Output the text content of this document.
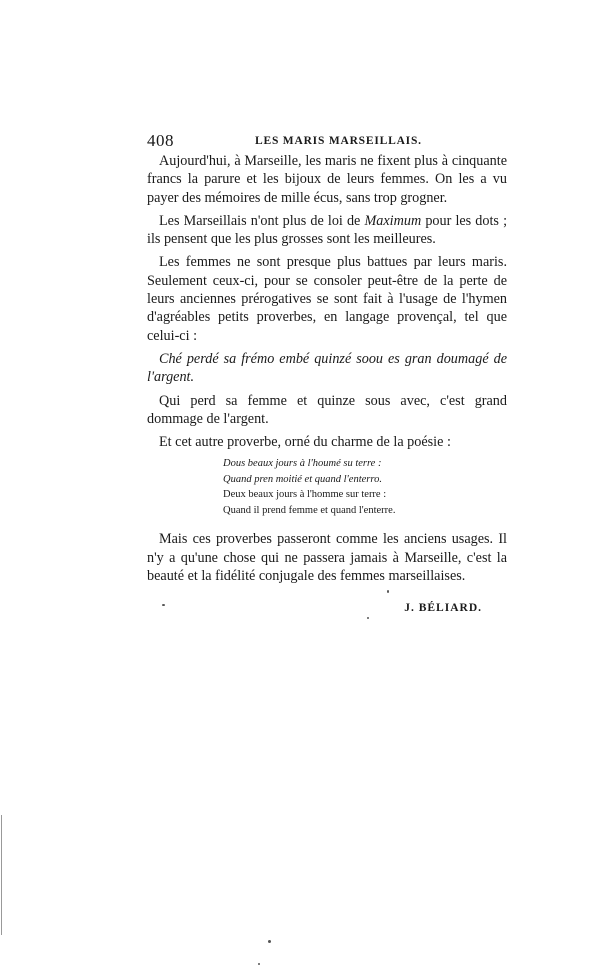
408	LES MARIS MARSEILLAIS.

Aujourd'hui, à Marseille, les maris ne fixent plus à cinquante francs la parure et les bijoux de leurs femmes. On les a vu payer des mémoires de mille écus, sans trop grogner.

Les Marseillais n'ont plus de loi de Maximum pour les dots ; ils pensent que les plus grosses sont les meilleures.

Les femmes ne sont presque plus battues par leurs maris. Seulement ceux-ci, pour se consoler peut-être de la perte de leurs anciennes prérogatives se sont fait à l'usage de l'hymen d'agréables petits proverbes, en langage provençal, tel que celui-ci :

Ché perdé sa frémo embé quinzé soou es gran doumagé de l'argent.

Qui perd sa femme et quinze sous avec, c'est grand dommage de l'argent.

Et cet autre proverbe, orné du charme de la poésie :

Dous beaux jours à l'houmé su terre :
Quand pren moitié et quand l'enterro.
Deux beaux jours à l'homme sur terre :
Quand il prend femme et quand l'enterre.

Mais ces proverbes passeront comme les anciens usages. Il n'y a qu'une chose qui ne passera jamais à Marseille, c'est la beauté et la fidélité conjugale des femmes marseillaises.

J. BÉLIARD.
